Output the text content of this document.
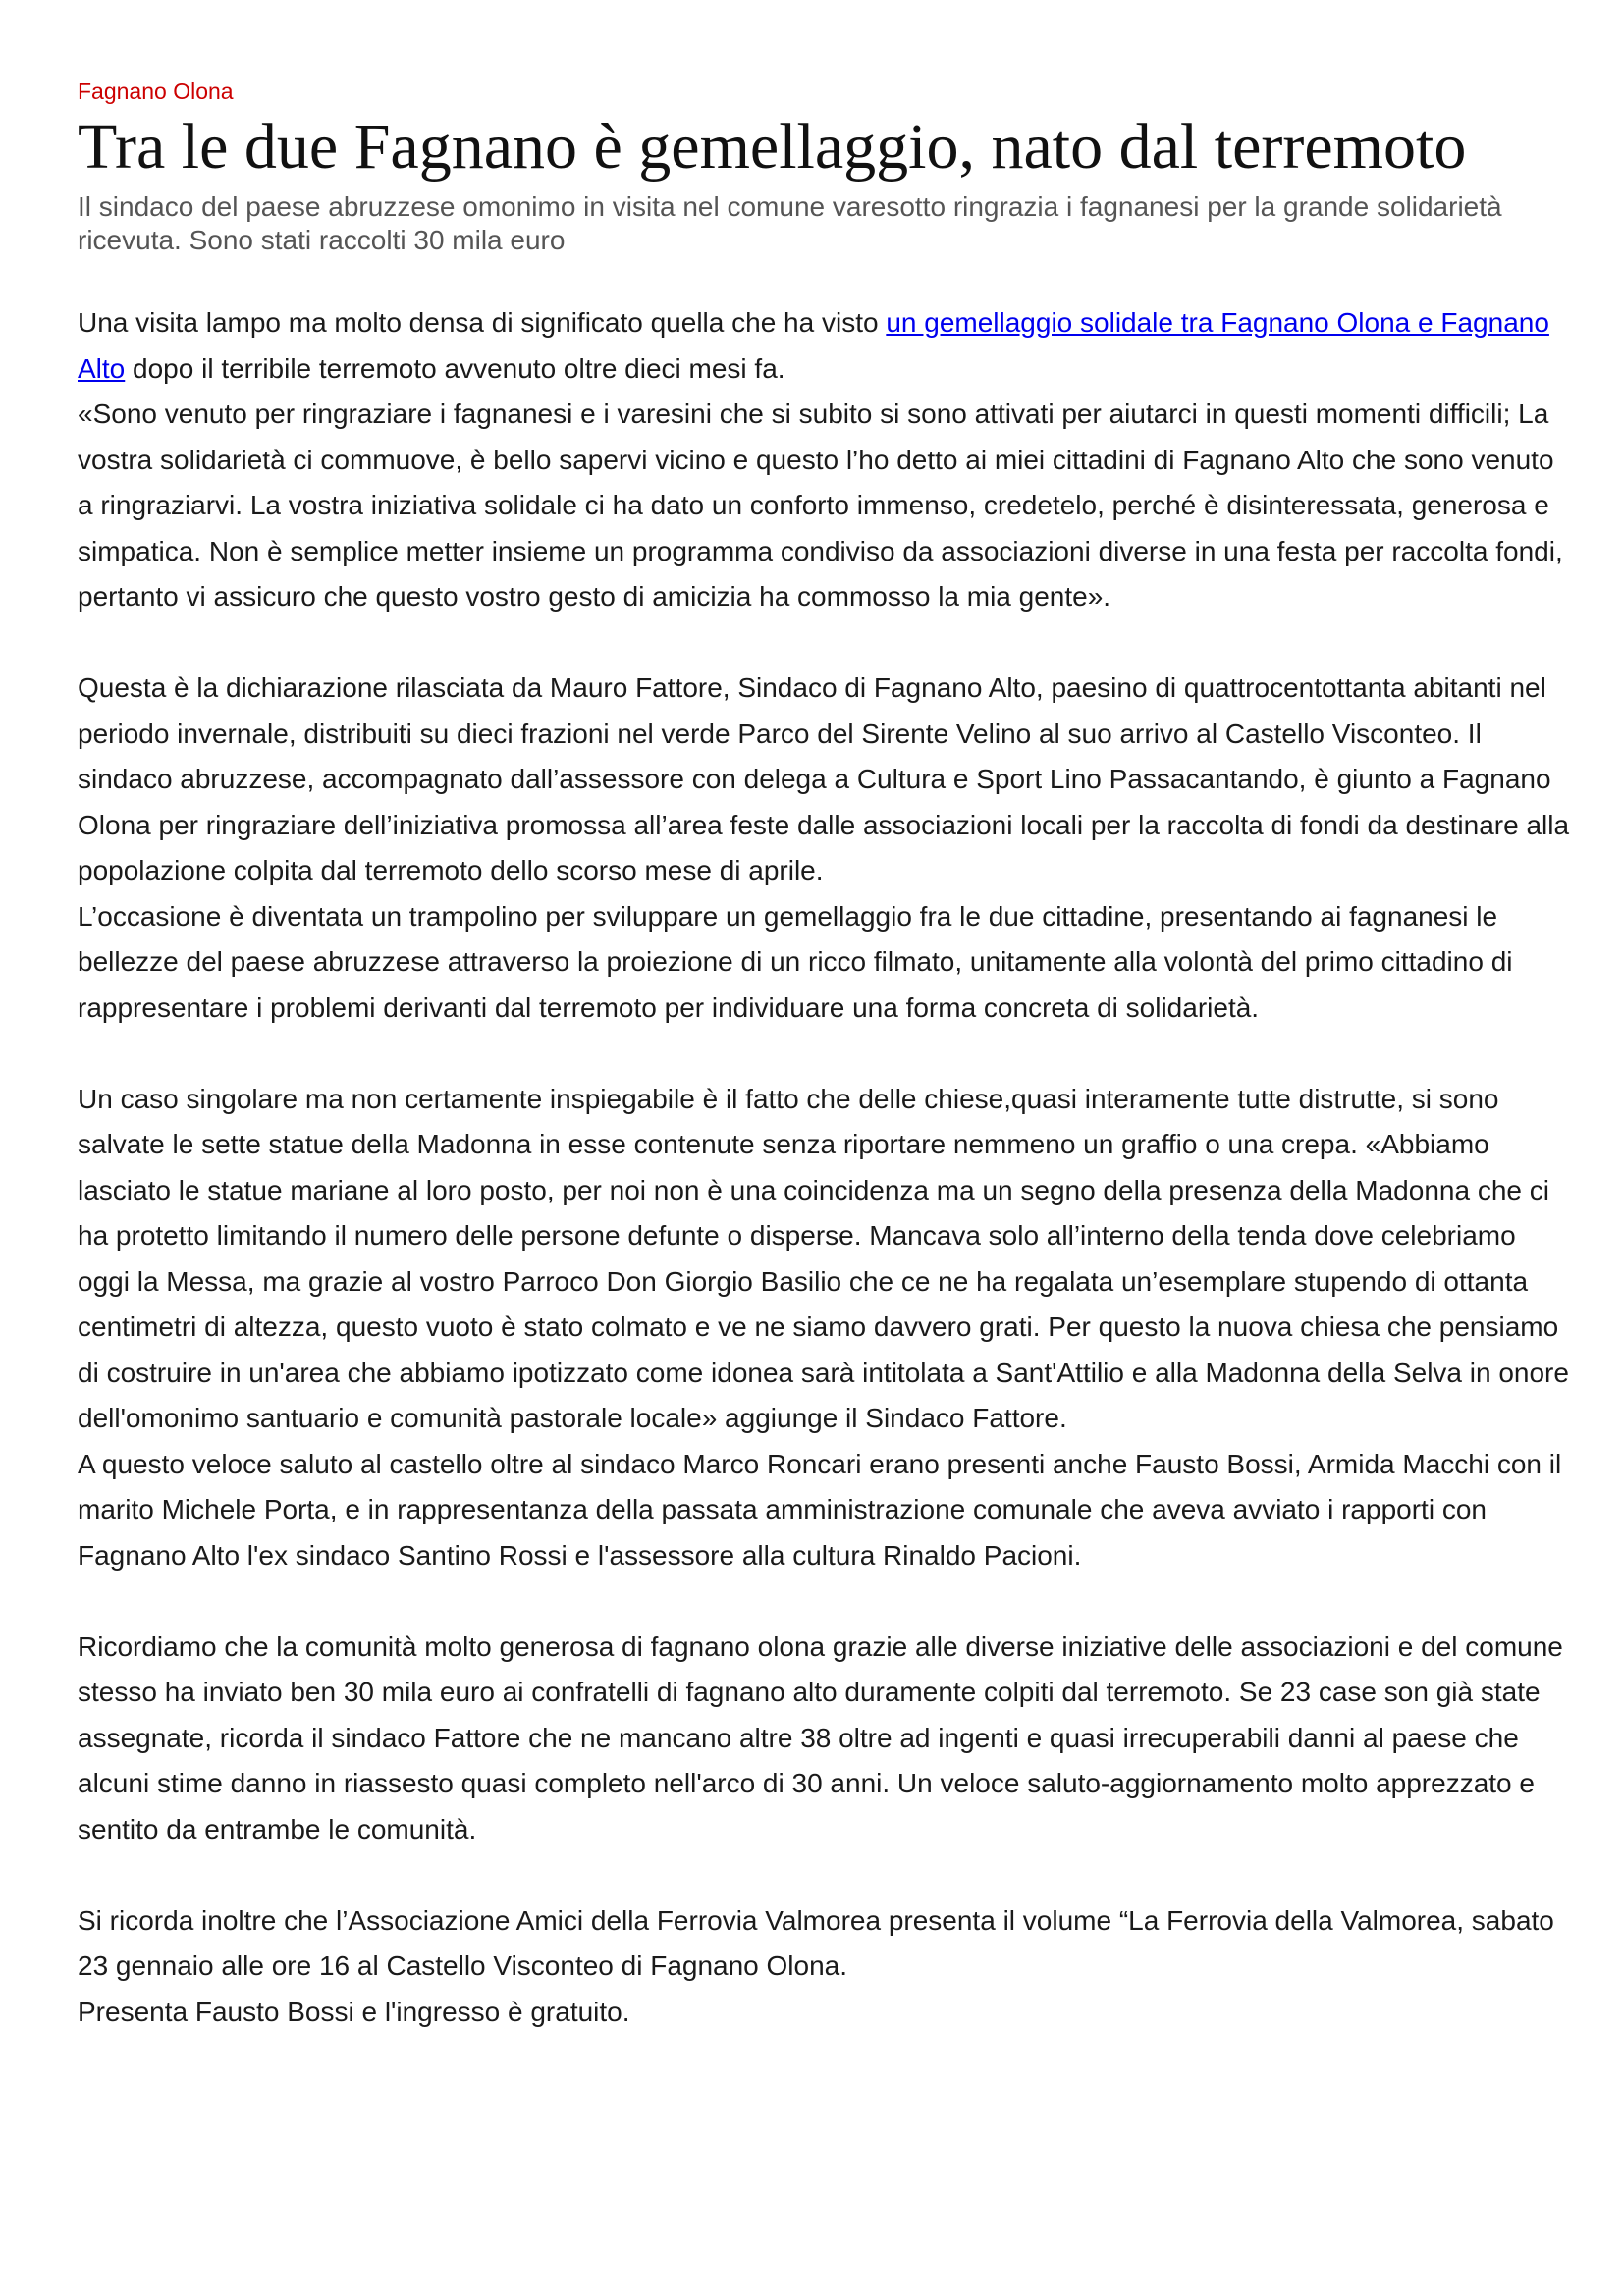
Fagnano Olona

Tra le due Fagnano è gemellaggio, nato dal terremoto

Il sindaco del paese abruzzese omonimo in visita nel comune varesotto ringrazia i fagnanesi per la grande solidarietà ricevuta. Sono stati raccolti 30 mila euro

Una visita lampo ma molto densa di significato quella che ha visto un gemellaggio solidale tra Fagnano Olona e Fagnano Alto dopo il terribile terremoto avvenuto oltre dieci mesi fa.

«Sono venuto per ringraziare i fagnanesi e i varesini che si subito si sono attivati per aiutarci in questi momenti difficili; La vostra solidarietà ci commuove, è bello sapervi vicino e questo l’ho detto ai miei cittadini di Fagnano Alto che sono venuto a ringraziarvi. La vostra iniziativa solidale ci ha dato un conforto immenso, credetelo, perché è disinteressata, generosa e simpatica. Non è semplice metter insieme un programma condiviso da associazioni diverse in una festa per raccolta fondi, pertanto vi assicuro che questo vostro gesto di amicizia ha commosso la mia gente».

Questa è la dichiarazione rilasciata da Mauro Fattore, Sindaco di Fagnano Alto, paesino di quattrocentottanta abitanti nel periodo invernale, distribuiti su dieci frazioni nel verde Parco del Sirente Velino al suo arrivo al Castello Visconteo. Il sindaco abruzzese, accompagnato dall’assessore con delega a Cultura e Sport Lino Passacantando, è giunto a Fagnano Olona per ringraziare dell’iniziativa promossa all’area feste dalle associazioni locali per la raccolta di fondi da destinare alla popolazione colpita dal terremoto dello scorso mese di aprile.

L’occasione è diventata un trampolino per sviluppare un gemellaggio fra le due cittadine, presentando ai fagnanesi le bellezze del paese abruzzese attraverso la proiezione di un ricco filmato, unitamente alla volontà del primo cittadino di rappresentare i problemi derivanti dal terremoto per individuare una forma concreta di solidarietà.

Un caso singolare ma non certamente inspiegabile è il fatto che delle chiese,quasi interamente tutte distrutte, si sono salvate le sette statue della Madonna in esse contenute senza riportare nemmeno un graffio o una crepa. «Abbiamo lasciato le statue mariane al loro posto, per noi non è una coincidenza ma un segno della presenza della Madonna che ci ha protetto limitando il numero delle persone defunte o disperse. Mancava solo all’interno della tenda dove celebriamo oggi la Messa, ma grazie al vostro Parroco Don Giorgio Basilio che ce ne ha regalata un’esemplare stupendo di ottanta centimetri di altezza, questo vuoto è stato colmato e ve ne siamo davvero grati. Per questo la nuova chiesa che pensiamo di costruire in un'area che abbiamo ipotizzato come idonea sarà intitolata a Sant'Attilio e alla Madonna della Selva in onore dell'omonimo santuario e comunità pastorale locale» aggiunge il Sindaco Fattore.

A questo veloce saluto al castello oltre al sindaco Marco Roncari erano presenti anche Fausto Bossi, Armida Macchi con il marito Michele Porta, e in rappresentanza della passata amministrazione comunale che aveva avviato i rapporti con Fagnano Alto l'ex sindaco Santino Rossi e l'assessore alla cultura Rinaldo Pacioni.

Ricordiamo che la comunità molto generosa di fagnano olona grazie alle diverse iniziative delle associazioni e del comune stesso ha inviato ben 30 mila euro ai confratelli di fagnano alto duramente colpiti dal terremoto. Se 23 case son già state assegnate, ricorda il sindaco Fattore che ne mancano altre 38 oltre ad ingenti e quasi irrecuperabili danni al paese che alcuni stime danno in riassesto quasi completo nell'arco di 30 anni. Un veloce saluto-aggiornamento molto apprezzato e sentito da entrambe le comunità.

Si ricorda inoltre che l’Associazione Amici della Ferrovia Valmorea presenta il volume “La Ferrovia della Valmorea, sabato 23 gennaio alle ore 16 al Castello Visconteo di Fagnano Olona.

Presenta Fausto Bossi e l'ingresso è gratuito.
